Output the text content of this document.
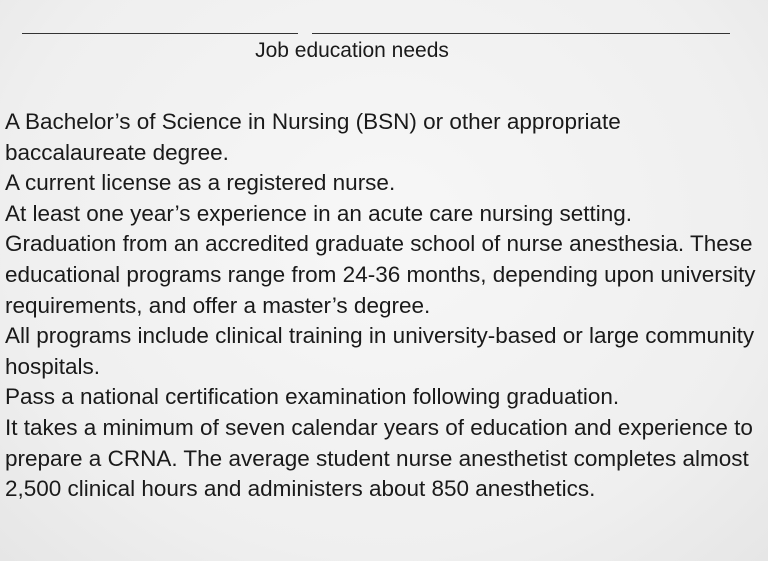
Job education needs

A Bachelor’s of Science in Nursing (BSN) or other appropriate baccalaureate degree.

A current license as a registered nurse.

At least one year’s experience in an acute care nursing setting.

Graduation from an accredited graduate school of nurse anesthesia. These educational programs range from 24-36 months, depending upon university requirements, and offer a master’s degree.

All programs include clinical training in university-based or large community hospitals.

Pass a national certification examination following graduation.

It takes a minimum of seven calendar years of education and experience to prepare a CRNA. The average student nurse anesthetist completes almost 2,500 clinical hours and administers about 850 anesthetics.
